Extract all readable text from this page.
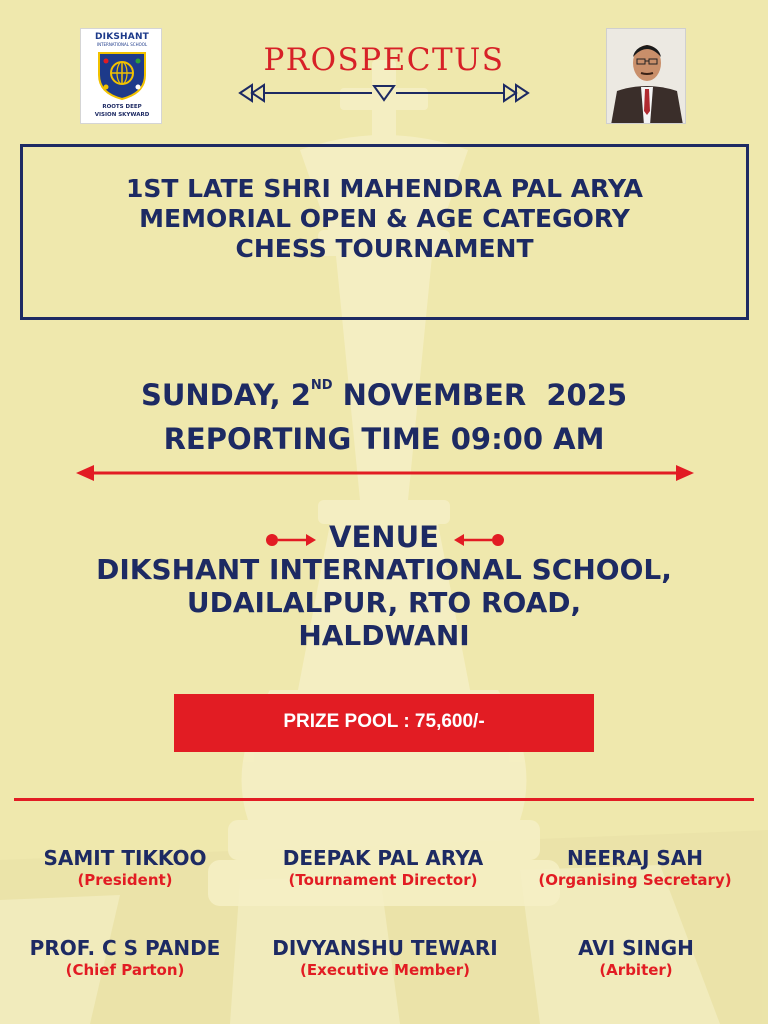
DIKSHANT
INTERNATIONAL SCHOOL
ROOTS DEEP
VISION SKYWARD
PROSPECTUS
1ST LATE SHRI MAHENDRA PAL ARYA
MEMORIAL OPEN & AGE CATEGORY
CHESS TOURNAMENT
SUNDAY, 2ND NOVEMBER  2025
REPORTING TIME 09:00 AM
VENUE
DIKSHANT INTERNATIONAL SCHOOL,
UDAILALPUR, RTO ROAD,
HALDWANI
PRIZE POOL : 75,600/-
SAMIT TIKKOO
(President)
DEEPAK PAL ARYA
(Tournament Director)
NEERAJ SAH
(Organising Secretary)
PROF. C S PANDE
(Chief Parton)
DIVYANSHU TEWARI
(Executive Member)
AVI SINGH
(Arbiter)
